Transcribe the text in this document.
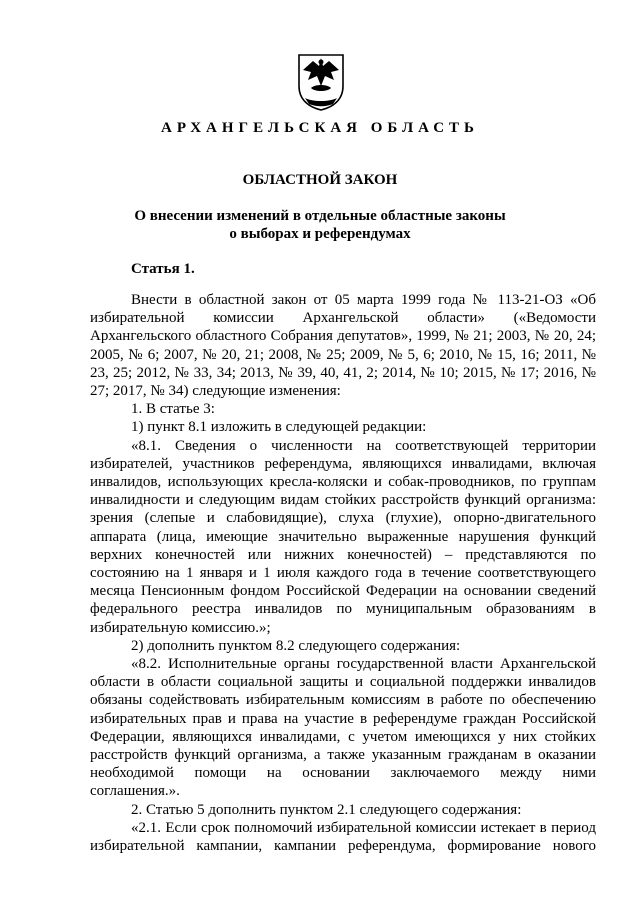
АРХАНГЕЛЬСКАЯ ОБЛАСТЬ
ОБЛАСТНОЙ ЗАКОН
О внесении изменений в отдельные областные законы
о выборах и референдумах
Статья 1.

Внести в областной закон от 05 марта 1999 года № 113-21-ОЗ «Об избирательной комиссии Архангельской области» («Ведомости Архангельского областного Собрания депутатов», 1999, № 21; 2003, № 20, 24; 2005, № 6; 2007, № 20, 21; 2008, № 25; 2009, № 5, 6; 2010, № 15, 16; 2011, № 23, 25; 2012, № 33, 34; 2013, № 39, 40, 41, 2; 2014, № 10; 2015, № 17; 2016, № 27; 2017, № 34) следующие изменения:

1. В статье 3:

1) пункт 8.1 изложить в следующей редакции:

«8.1. Сведения о численности на соответствующей территории

избирателей, участников референдума, являющихся инвалидами, включая

инвалидов, использующих кресла-коляски и собак-проводников, по группам

инвалидности и следующим видам стойких расстройств функций организма:

зрения (слепые и слабовидящие), слуха (глухие), опорно-двигательного

аппарата (лица, имеющие значительно выраженные нарушения функций

верхних конечностей или нижних конечностей) – представляются по

состоянию на 1 января и 1 июля каждого года в течение соответствующего

месяца Пенсионным фондом Российской Федерации на основании сведений

федерального реестра инвалидов по муниципальным образованиям в

избирательную комиссию.»;

2) дополнить пунктом 8.2 следующего содержания:

«8.2. Исполнительные органы государственной власти Архангельской

области в области социальной защиты и социальной поддержки инвалидов

обязаны содействовать избирательным комиссиям в работе по обеспечению

избирательных прав и права на участие в референдуме граждан Российской

Федерации, являющихся инвалидами, с учетом имеющихся у них стойких

расстройств функций организма, а также указанным гражданам в оказании

необходимой помощи на основании заключаемого между ними

соглашения.».

2. Статью 5 дополнить пунктом 2.1 следующего содержания:

«2.1. Если срок полномочий избирательной комиссии истекает в период

избирательной кампании, кампании референдума, формирование нового
